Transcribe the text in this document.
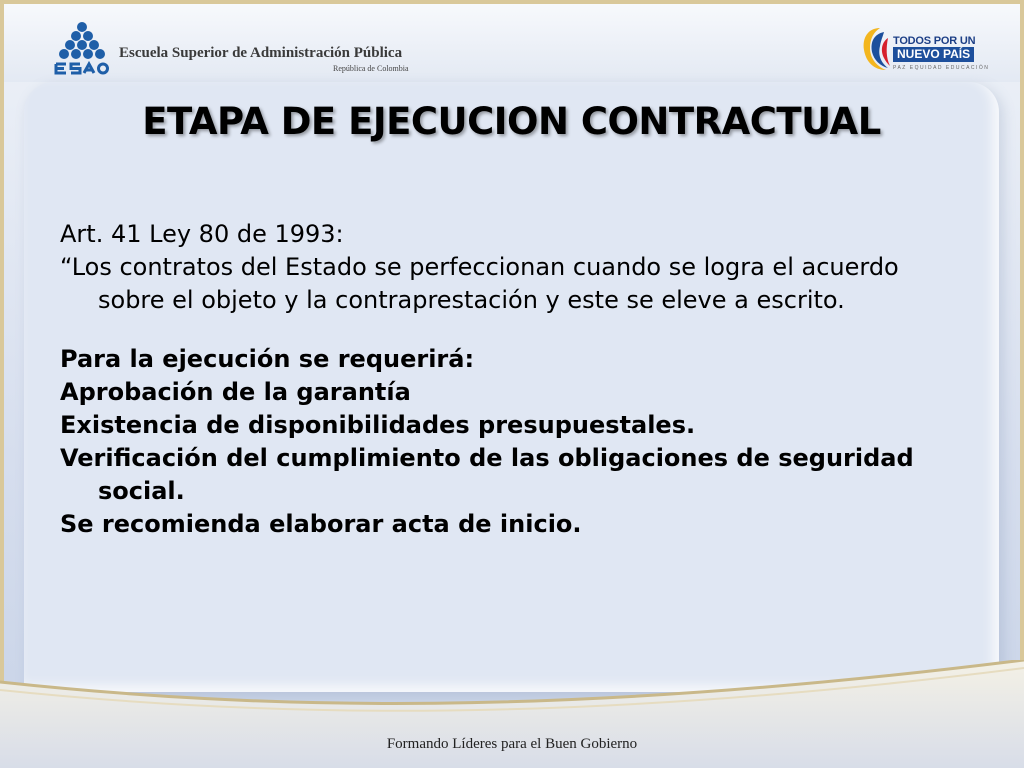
Escuela Superior de Administración Pública
República de Colombia
TODOS POR UN
NUEVO PAÍS
PAZ EQUIDAD EDUCACIÓN
ETAPA DE EJECUCION CONTRACTUAL

Art. 41 Ley 80 de 1993:

“Los contratos del Estado se perfeccionan cuando se logra el acuerdo sobre el objeto y la contraprestación y este se eleve a escrito.

Para la ejecución se requerirá:

Aprobación de la garantía

Existencia de disponibilidades presupuestales.

Verificación del cumplimiento de las obligaciones de seguridad social.

Se recomienda elaborar acta de inicio.

Formando Líderes para el Buen Gobierno
